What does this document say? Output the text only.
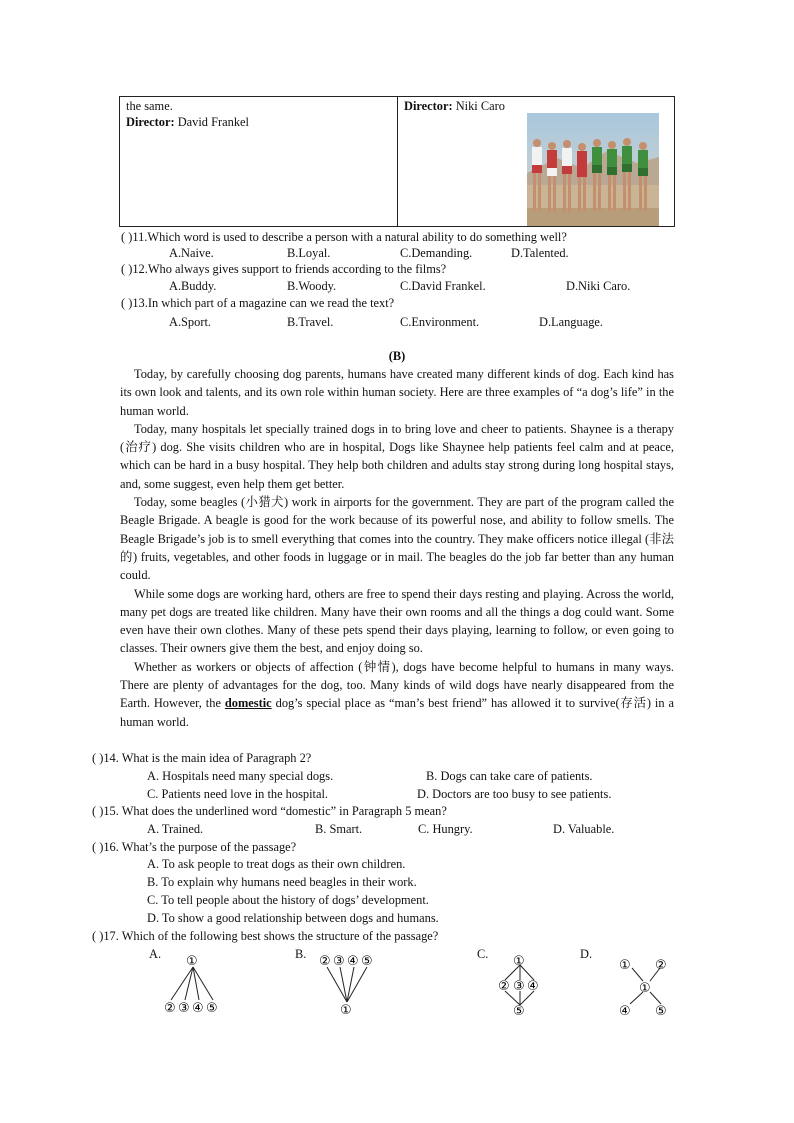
the same.
Director: David Frankel

Director: Niki Caro
( )11.Which word is used to describe a person with a natural ability to do something well?
A.Naive.	B.Loyal.	C.Demanding.	D.Talented.
( )12.Who always gives support to friends according to the films?
A.Buddy.	B.Woody.	C.David Frankel.	D.Niki Caro.
( )13.In which part of a magazine can we read the text?
A.Sport.	B.Travel.	C.Environment.	D.Language.
(B)

Today, by carefully choosing dog parents, humans have created many different kinds of dog. Each kind has its own look and talents, and its own role within human society. Here are three examples of “a dog’s life” in the human world.

Today, many hospitals let specially trained dogs in to bring love and cheer to patients. Shaynee is a therapy (治疗) dog. She visits children who are in hospital, Dogs like Shaynee help patients feel calm and at peace, which can be hard in a busy hospital. They help both children and adults stay strong during long hospital stays, and, some suggest, even help them get better.

Today, some beagles (小猎犬) work in airports for the government. They are part of the program called the Beagle Brigade. A beagle is good for the work because of its powerful nose, and ability to follow smells. The Beagle Brigade’s job is to smell everything that comes into the country. They make officers notice illegal (非法的) fruits, vegetables, and other foods in luggage or in mail. The beagles do the job far better than any human could.

While some dogs are working hard, others are free to spend their days resting and playing. Across the world, many pet dogs are treated like children. Many have their own rooms and all the things a dog could want. Some even have their own clothes. Many of these pets spend their days playing, learning to follow, or even going to classes. Their owners give them the best, and enjoy doing so.

Whether as workers or objects of affection (钟情), dogs have become helpful to humans in many ways. There are plenty of advantages for the dog, too. Many kinds of wild dogs have nearly disappeared from the Earth. However, the domestic dog’s special place as “man’s best friend” has allowed it to survive(存活) in a human world.

( )14. What is the main idea of Paragraph 2?
A. Hospitals need many special dogs.	B. Dogs can take care of patients.
C. Patients need love in the hospital.	D. Doctors are too busy to see patients.
( )15. What does the underlined word “domestic” in Paragraph 5 mean?
A. Trained.	B. Smart.	C. Hungry.	D. Valuable.
( )16. What’s the purpose of the passage?
A. To ask people to treat dogs as their own children.
B. To explain why humans need beagles in their work.
C. To tell people about the history of dogs’ development.
D. To show a good relationship between dogs and humans.
( )17. Which of the following best shows the structure of the passage?
A.	B.	C.	D.
①
② ③ ④ ⑤
② ③ ④ ⑤
①
①
② ③ ④
⑤
① ②
①
④ ⑤
